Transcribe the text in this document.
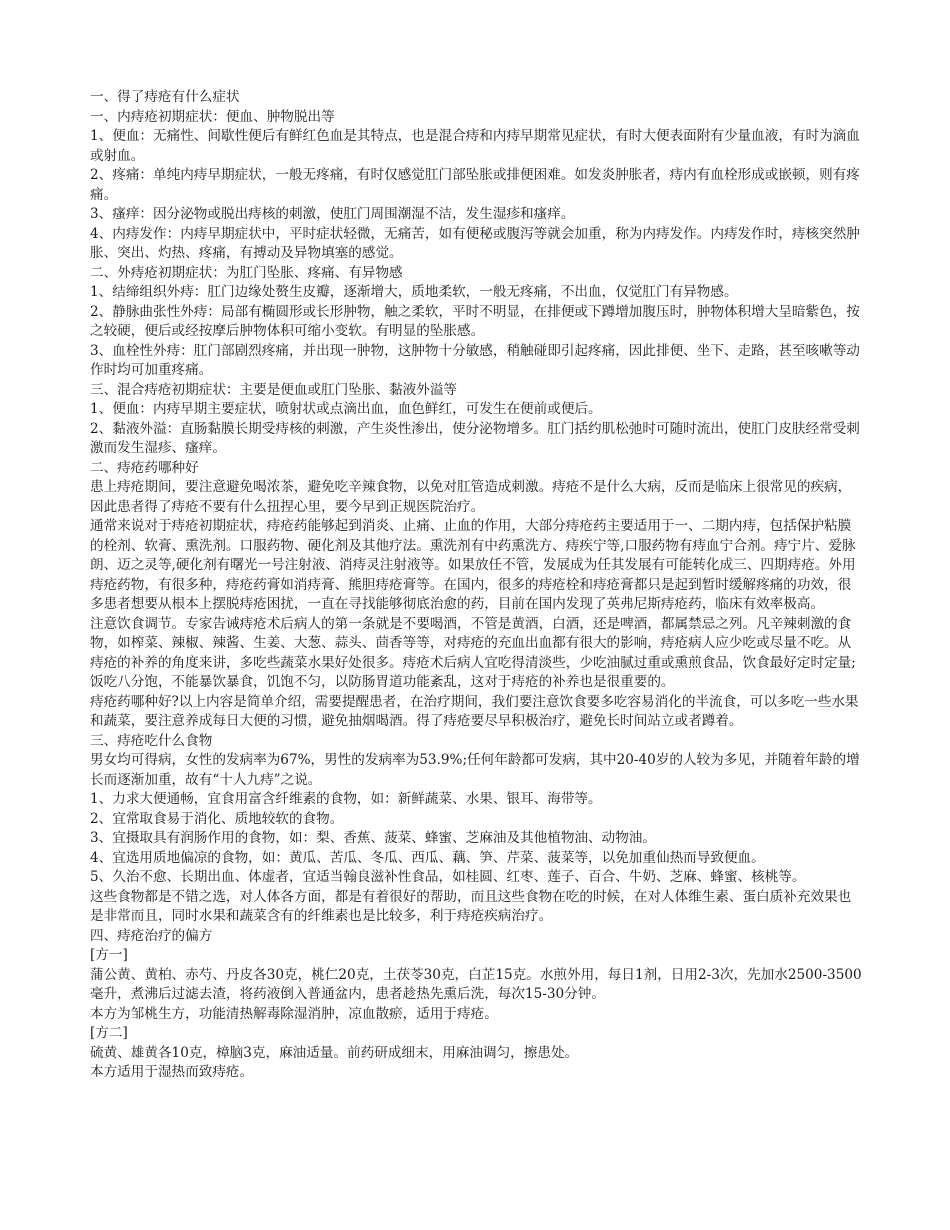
一、得了痔疮有什么症状
一、内痔疮初期症状：便血、肿物脱出等
1、便血：无痛性、间歇性便后有鲜红色血是其特点，也是混合痔和内痔早期常见症状，有时大便表面附有少量血液，有时为滴血或射血。
2、疼痛：单纯内痔早期症状，一般无疼痛，有时仅感觉肛门部坠胀或排便困难。如发炎肿胀者，痔内有血栓形成或嵌顿，则有疼痛。
3、瘙痒：因分泌物或脱出痔核的刺激，使肛门周围潮湿不洁，发生湿疹和瘙痒。
4、内痔发作：内痔早期症状中，平时症状轻微，无痛苦，如有便秘或腹泻等就会加重，称为内痔发作。内痔发作时，痔核突然肿胀、突出、灼热、疼痛，有搏动及异物填塞的感觉。
二、外痔疮初期症状：为肛门坠胀、疼痛、有异物感
1、结缔组织外痔：肛门边缘处赘生皮瓣，逐渐增大，质地柔软，一般无疼痛，不出血，仅觉肛门有异物感。
2、静脉曲张性外痔：局部有椭圆形或长形肿物，触之柔软，平时不明显，在排便或下蹲增加腹压时，肿物体积增大呈暗紫色，按之较硬，便后或经按摩后肿物体积可缩小变软。有明显的坠胀感。
3、血栓性外痔：肛门部剧烈疼痛，并出现一肿物，这肿物十分敏感，稍触碰即引起疼痛，因此排便、坐下、走路，甚至咳嗽等动作时均可加重疼痛。
三、混合痔疮初期症状：主要是便血或肛门坠胀、黏液外溢等
1、便血：内痔早期主要症状，喷射状或点滴出血，血色鲜红，可发生在便前或便后。
2、黏液外溢：直肠黏膜长期受痔核的刺激，产生炎性渗出，使分泌物增多。肛门括约肌松弛时可随时流出，使肛门皮肤经常受刺激而发生湿疹、瘙痒。
二、痔疮药哪种好
患上痔疮期间，要注意避免喝浓茶，避免吃辛辣食物，以免对肛管造成刺激。痔疮不是什么大病，反而是临床上很常见的疾病，因此患者得了痔疮不要有什么扭捏心里，要今早到正规医院治疗。
通常来说对于痔疮初期症状，痔疮药能够起到消炎、止痛、止血的作用，大部分痔疮药主要适用于一、二期内痔，包括保护粘膜的栓剂、软膏、熏洗剂。口服药物、硬化剂及其他疗法。熏洗剂有中药熏洗方、痔疾宁等,口服药物有痔血宁合剂。痔宁片、爱脉朗、迈之灵等,硬化剂有曙光一号注射液、消痔灵注射液等。如果放任不管，发展成为任其发展有可能转化成三、四期痔疮。外用痔疮药物，有很多种，痔疮药膏如消痔膏、熊胆痔疮膏等。在国内，很多的痔疮栓和痔疮膏都只是起到暂时缓解疼痛的功效，很多患者想要从根本上摆脱痔疮困扰，一直在寻找能够彻底治愈的药，目前在国内发现了英弗尼斯痔疮药，临床有效率极高。
注意饮食调节。专家告诫痔疮术后病人的第一条就是不要喝酒，不管是黄酒，白酒，还是啤酒，都属禁忌之列。凡辛辣刺激的食物，如榨菜、辣椒、辣酱、生姜、大葱、蒜头、茴香等等，对痔疮的充血出血都有很大的影响，痔疮病人应少吃或尽量不吃。从痔疮的补养的角度来讲，多吃些蔬菜水果好处很多。痔疮术后病人宜吃得清淡些，少吃油腻过重或熏煎食品，饮食最好定时定量;饭吃八分饱，不能暴饮暴食，饥饱不匀，以防肠胃道功能紊乱，这对于痔疮的补养也是很重要的。
痔疮药哪种好?以上内容是简单介绍，需要提醒患者，在治疗期间，我们要注意饮食要多吃容易消化的半流食，可以多吃一些水果和蔬菜，要注意养成每日大便的习惯，避免抽烟喝酒。得了痔疮要尽早积极治疗，避免长时间站立或者蹲着。
三、痔疮吃什么食物
男女均可得病，女性的发病率为67%，男性的发病率为53.9%;任何年龄都可发病，其中20-40岁的人较为多见，并随着年龄的增长而逐渐加重，故有“十人九痔”之说。
1、力求大便通畅，宜食用富含纤维素的食物，如：新鲜蔬菜、水果、银耳、海带等。
2、宜常取食易于消化、质地较软的食物。
3、宜摄取具有润肠作用的食物，如：梨、香蕉、菠菜、蜂蜜、芝麻油及其他植物油、动物油。
4、宜选用质地偏凉的食物，如：黄瓜、苦瓜、冬瓜、西瓜、藕、笋、芹菜、菠菜等，以免加重仙热而导致便血。
5、久治不愈、长期出血、体虚者，宜适当翰良滋补性食品，如桂圆、红枣、莲子、百合、牛奶、芝麻、蜂蜜、核桃等。
这些食物都是不错之选，对人体各方面，都是有着很好的帮助，而且这些食物在吃的时候，在对人体维生素、蛋白质补充效果也是非常而且，同时水果和蔬菜含有的纤维素也是比较多，利于痔疮疾病治疗。
四、痔疮治疗的偏方
[方一]
蒲公黄、黄柏、赤芍、丹皮各30克，桃仁20克，土茯苓30克，白芷15克。水煎外用，每日1剂，日用2-3次，先加水2500-3500毫升，煮沸后过滤去渣，将药液倒入普通盆内，患者趁热先熏后洗，每次15-30分钟。
本方为邹桃生方，功能清热解毒除湿消肿，凉血散瘀，适用于痔疮。
[方二]
硫黄、雄黄各10克，樟脑3克，麻油适量。前药研成细末，用麻油调匀，擦患处。
本方适用于湿热而致痔疮。
